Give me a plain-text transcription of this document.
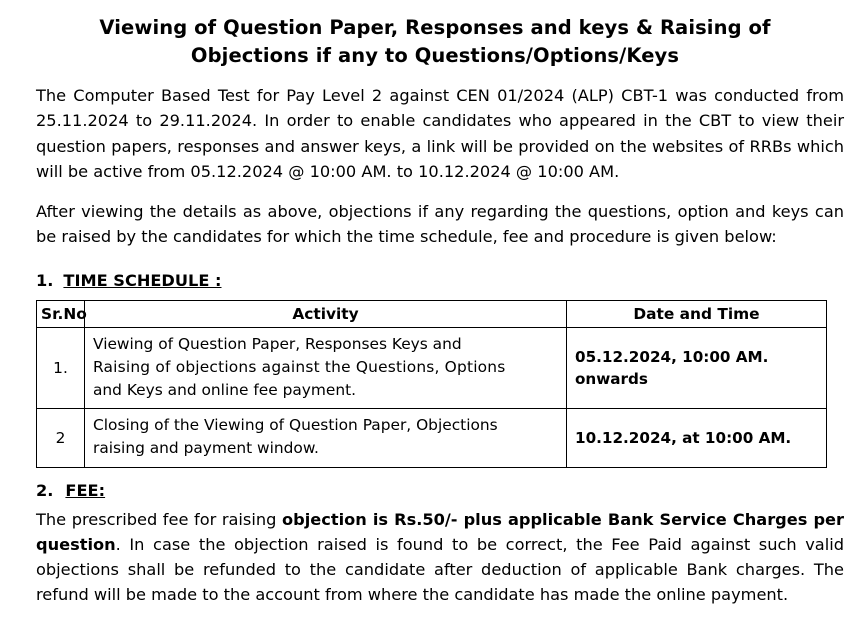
Viewing of Question Paper, Responses and keys & Raising of
Objections if any to Questions/Options/Keys

The Computer Based Test for Pay Level 2 against CEN 01/2024 (ALP) CBT-1 was conducted from 25.11.2024 to 29.11.2024. In order to enable candidates who appeared in the CBT to view their question papers, responses and answer keys, a link will be provided on the websites of RRBs which will be active from 05.12.2024 @ 10:00 AM. to 10.12.2024 @ 10:00 AM.

After viewing the details as above, objections if any regarding the questions, option and keys can be raised by the candidates for which the time schedule, fee and procedure is given below:

1. TIME SCHEDULE :
Sr.No	Activity	Date and Time
1.	Viewing of Question Paper, Responses Keys and
Raising of objections against the Questions, Options
and Keys and online fee payment.	05.12.2024, 10:00 AM. onwards
2	Closing of the Viewing of Question Paper, Objections
raising and payment window.	10.12.2024, at 10:00 AM.
2. FEE:

The prescribed fee for raising objection is Rs.50/- plus applicable Bank Service Charges per question. In case the objection raised is found to be correct, the Fee Paid against such valid objections shall be refunded to the candidate after deduction of applicable Bank charges. The refund will be made to the account from where the candidate has made the online payment.
